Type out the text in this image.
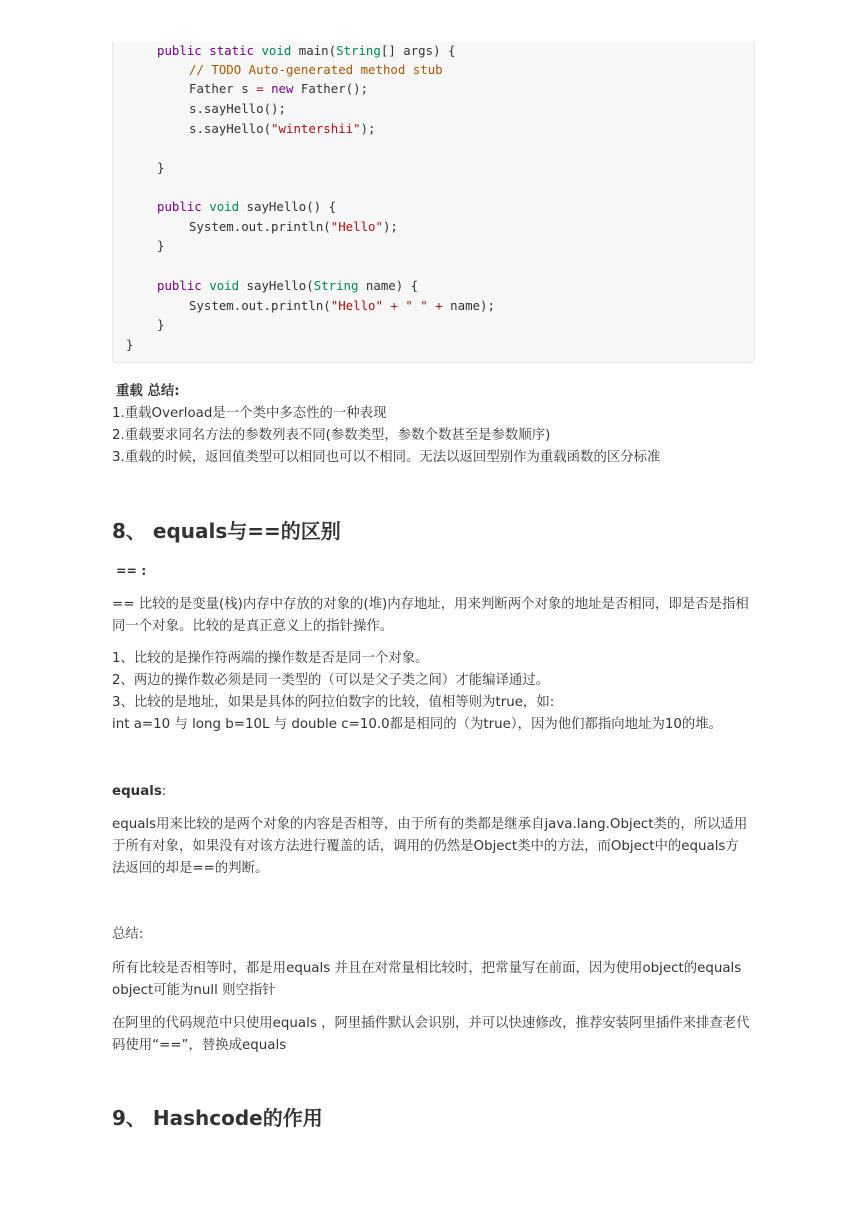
public static void main(String[] args) {
// TODO Auto-generated method stub
Father s = new Father();
s.sayHello();
s.sayHello("wintershii");
}
public void sayHello() {
System.out.println("Hello");
}
public void sayHello(String name) {
System.out.println("Hello" + " " + name);
}
}
重载 总结:
1.重载Overload是一个类中多态性的一种表现
2.重载要求同名方法的参数列表不同(参数类型，参数个数甚至是参数顺序)
3.重载的时候，返回值类型可以相同也可以不相同。无法以返回型别作为重载函数的区分标准
8、 equals与==的区别
== :
== 比较的是变量(栈)内存中存放的对象的(堆)内存地址，用来判断两个对象的地址是否相同，即是否是指相同一个对象。比较的是真正意义上的指针操作。
1、比较的是操作符两端的操作数是否是同一个对象。
2、两边的操作数必须是同一类型的（可以是父子类之间）才能编译通过。
3、比较的是地址，如果是具体的阿拉伯数字的比较，值相等则为true，如:
int a=10 与 long b=10L 与 double c=10.0都是相同的（为true），因为他们都指向地址为10的堆。
equals:
equals用来比较的是两个对象的内容是否相等，由于所有的类都是继承自java.lang.Object类的，所以适用于所有对象，如果没有对该方法进行覆盖的话，调用的仍然是Object类中的方法，而Object中的equals方法返回的却是==的判断。
总结:
所有比较是否相等时，都是用equals 并且在对常量相比较时，把常量写在前面，因为使用object的equals object可能为null 则空指针
在阿里的代码规范中只使用equals ，阿里插件默认会识别，并可以快速修改，推荐安装阿里插件来排查老代码使用“==”，替换成equals
9、 Hashcode的作用
